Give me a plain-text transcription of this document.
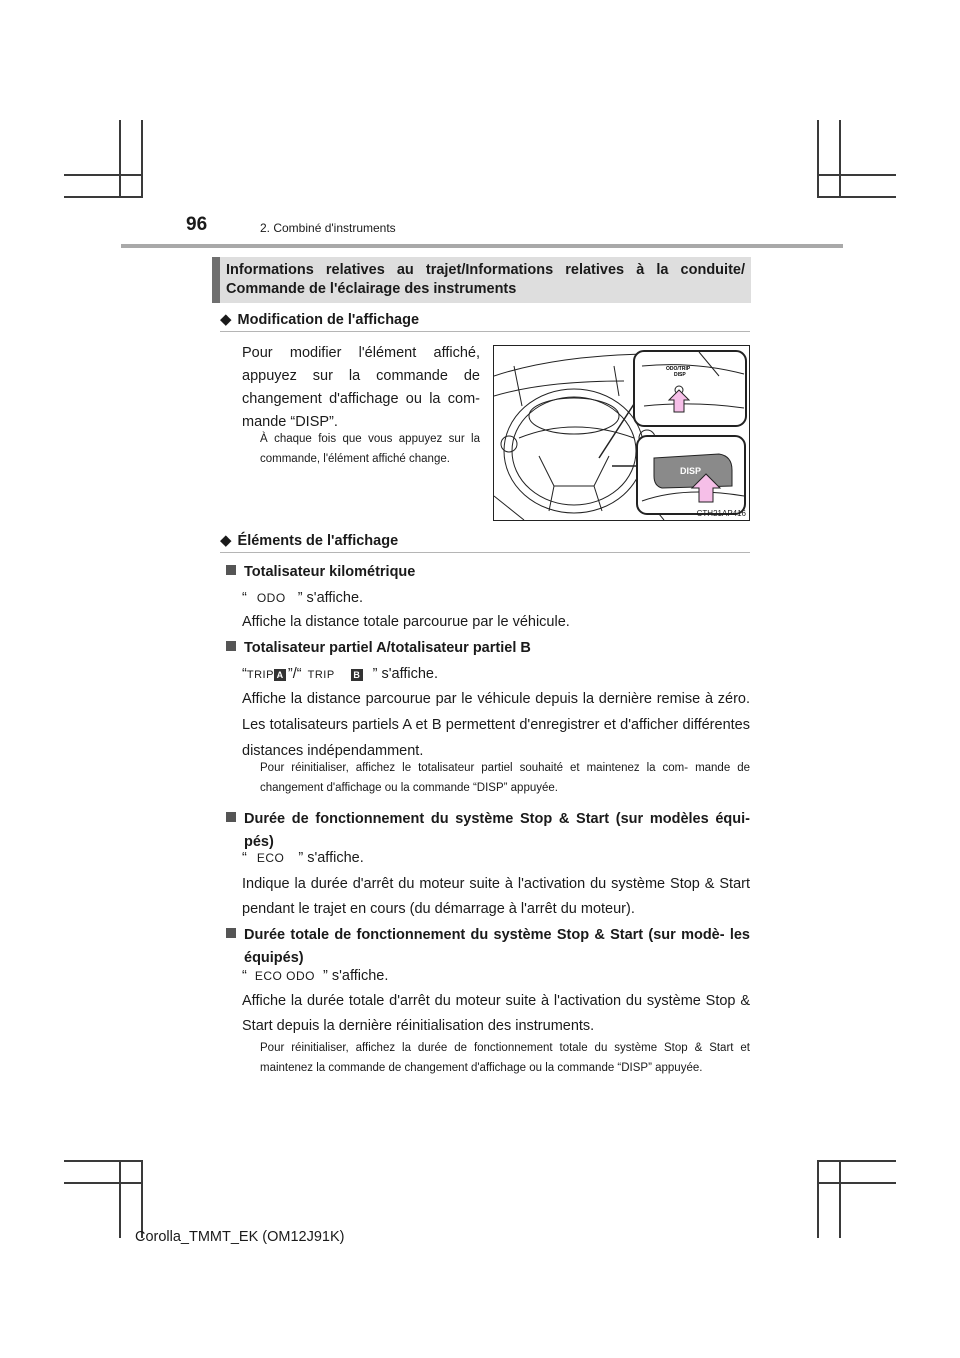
96	2. Combiné d'instruments
Informations relatives au trajet/Informations relatives à la conduite/ Commande de l'éclairage des instruments
◆ Modification de l'affichage
Pour modifier l'élément affiché, appuyez sur la commande de changement d'affichage ou la com- mande “DISP”.
À chaque fois que vous appuyez sur la commande, l'élément affiché change.
ODO/TRIP
DISP
DISP
CTH21AP416
◆ Éléments de l'affichage
Totalisateur kilométrique
“ ODO ” s'affiche.
Affiche la distance totale parcourue par le véhicule.
Totalisateur partiel A/totalisateur partiel B
“TRIP A ”/“ TRIP B ” s'affiche.
Affiche la distance parcourue par le véhicule depuis la dernière remise à zéro. Les totalisateurs partiels A et B permettent d'enregistrer et d'afficher différentes distances indépendamment.
Pour réinitialiser, affichez le totalisateur partiel souhaité et maintenez la com- mande de changement d'affichage ou la commande “DISP” appuyée.
Durée de fonctionnement du système Stop & Start (sur modèles équi- pés)
“ ECO ” s'affiche.
Indique la durée d'arrêt du moteur suite à l'activation du système Stop & Start pendant le trajet en cours (du démarrage à l'arrêt du moteur).
Durée totale de fonctionnement du système Stop & Start (sur modè- les équipés)
“ ECO ODO ” s'affiche.
Affiche la durée totale d'arrêt du moteur suite à l'activation du système Stop & Start depuis la dernière réinitialisation des instruments.
Pour réinitialiser, affichez la durée de fonctionnement totale du système Stop & Start et maintenez la commande de changement d'affichage ou la commande “DISP” appuyée.
Corolla_TMMT_EK (OM12J91K)
